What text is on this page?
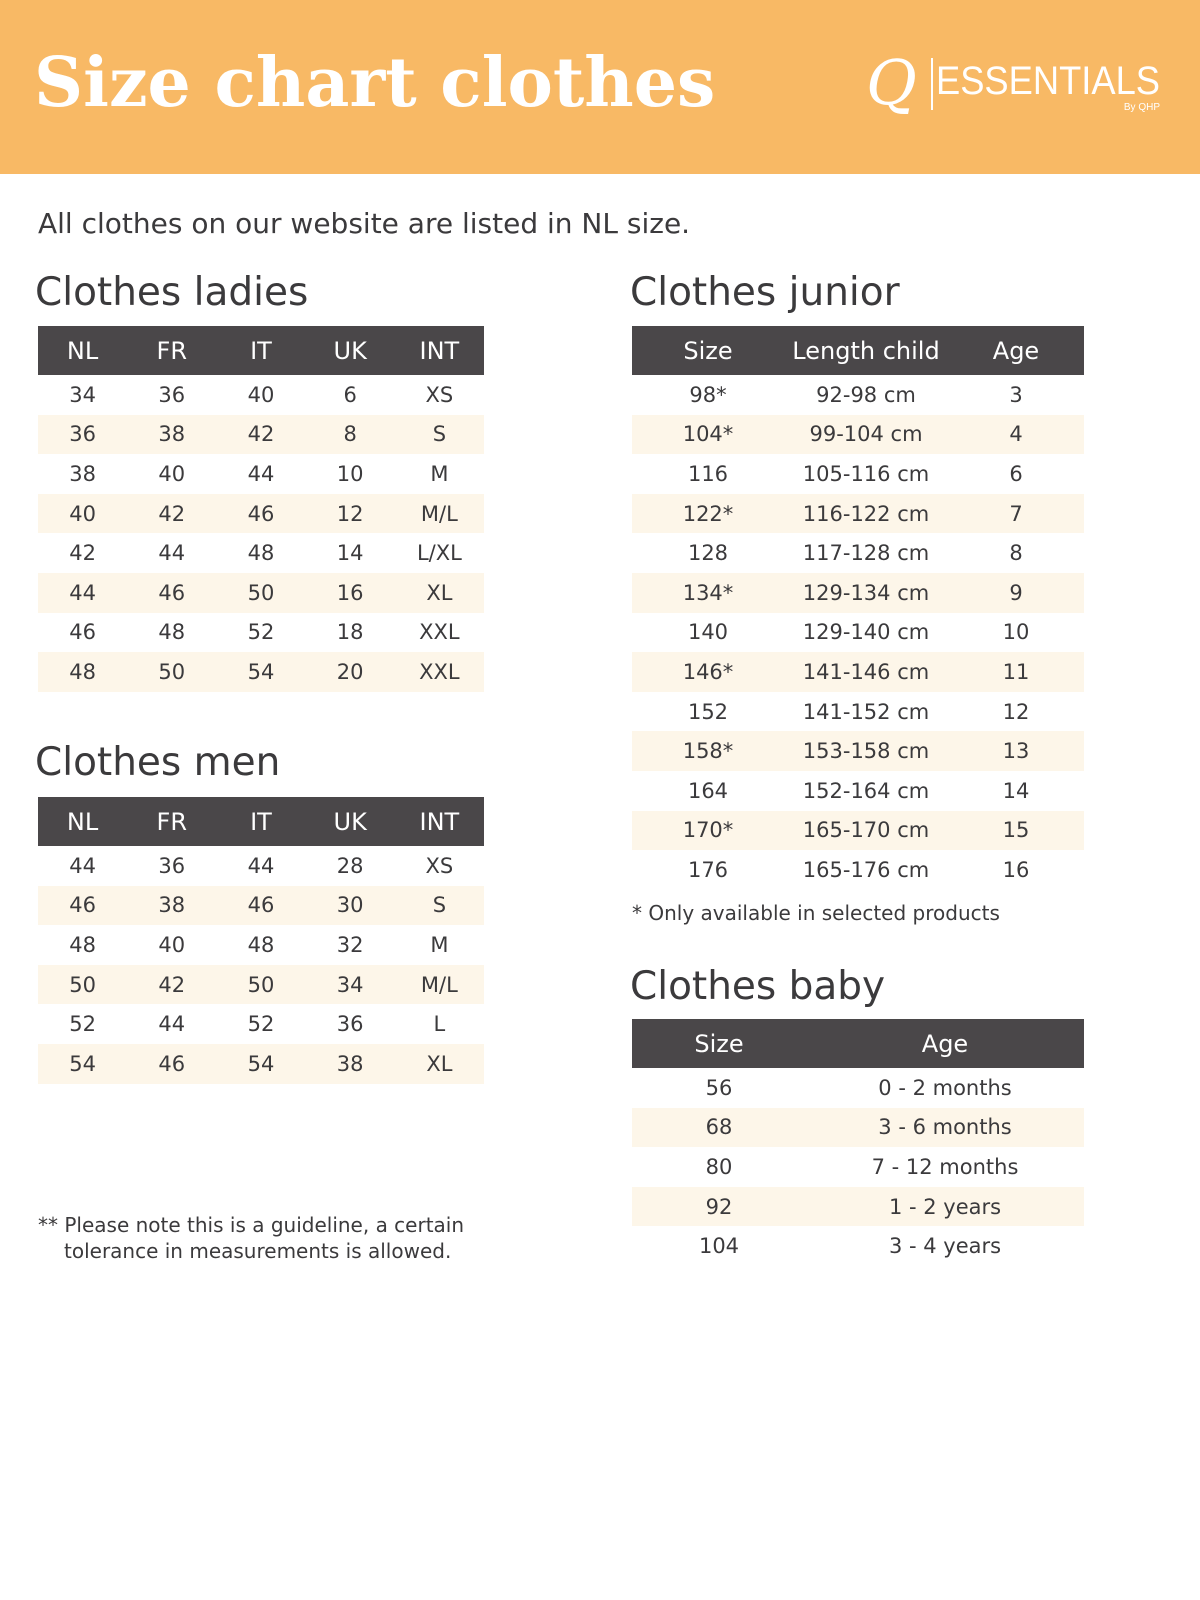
Size chart clothes Q ESSENTIALS
By QHP
All clothes on our website are listed in NL size.
Clothes ladies
NL	FR	IT	UK	INT
34	36	40	6	XS
36	38	42	8	S
38	40	44	10	M
40	42	46	12	M/L
42	44	48	14	L/XL
44	46	50	16	XL
46	48	52	18	XXL
48	50	54	20	XXL
Clothes men
NL	FR	IT	UK	INT
44	36	44	28	XS
46	38	46	30	S
48	40	48	32	M
50	42	50	34	M/L
52	44	52	36	L
54	46	54	38	XL
** Please note this is a guideline, a certain
tolerance in measurements is allowed.
Clothes junior
Size	Length child	Age
98*	92-98 cm	3
104*	99-104 cm	4
116	105-116 cm	6
122*	116-122 cm	7
128	117-128 cm	8
134*	129-134 cm	9
140	129-140 cm	10
146*	141-146 cm	11
152	141-152 cm	12
158*	153-158 cm	13
164	152-164 cm	14
170*	165-170 cm	15
176	165-176 cm	16
* Only available in selected products
Clothes baby
Size	Age
56	0 - 2 months
68	3 - 6 months
80	7 - 12 months
92	1 - 2 years
104	3 - 4 years
